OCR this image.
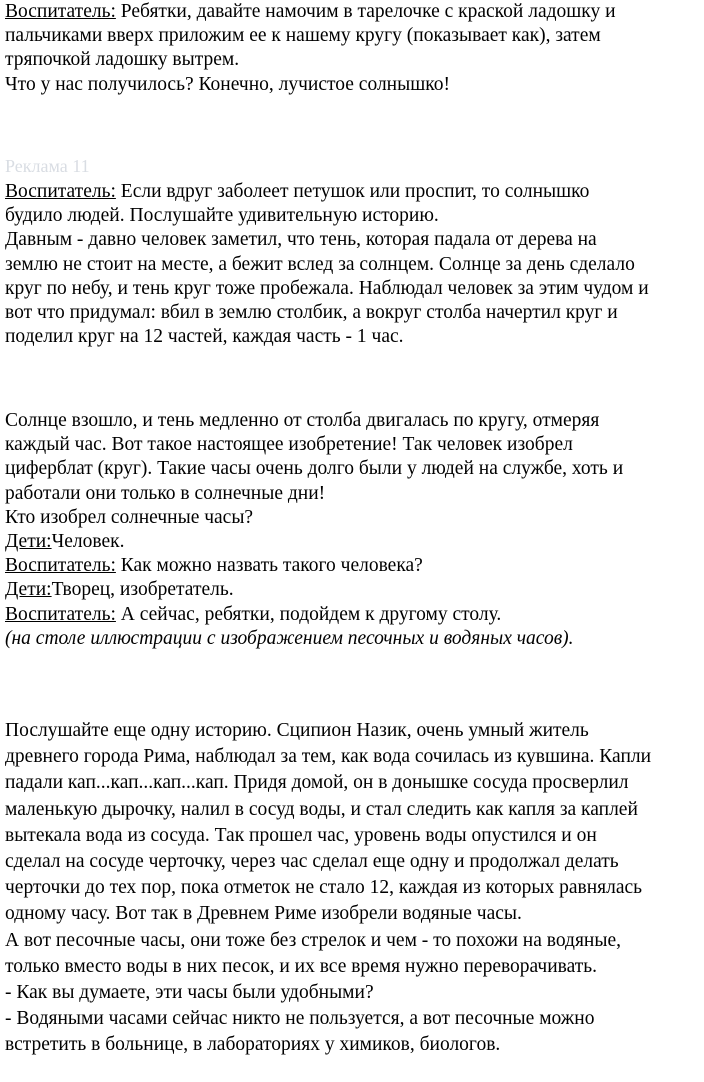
Воспитатель: Ребятки, давайте намочим в тарелочке с краской ладошку и

пальчиками вверх приложим ее к нашему кругу (показывает как), затем

тряпочкой ладошку вытрем.

Что у нас получилось? Конечно, лучистое солнышко!

Реклама 11

Воспитатель: Если вдруг заболеет петушок или проспит, то солнышко

будило людей. Послушайте удивительную историю.

Давным - давно человек заметил, что тень, которая падала от дерева на

землю не стоит на месте, а бежит вслед за солнцем. Солнце за день сделало

круг по небу, и тень круг тоже пробежала. Наблюдал человек за этим чудом и

вот что придумал: вбил в землю столбик, а вокруг столба начертил круг и

поделил круг на 12 частей, каждая часть - 1 час.

Солнце взошло, и тень медленно от столба двигалась по кругу, отмеряя

каждый час. Вот такое настоящее изобретение! Так человек изобрел

циферблат (круг). Такие часы очень долго были у людей на службе, хоть и

работали они только в солнечные дни!

Кто изобрел солнечные часы?

Дети:Человек.

Воспитатель: Как можно назвать такого человека?

Дети:Творец, изобретатель.

Воспитатель: А сейчас, ребятки, подойдем к другому столу.

(на столе иллюстрации с изображением песочных и водяных часов).

Послушайте еще одну историю. Сципион Назик, очень умный житель

древнего города Рима, наблюдал за тем, как вода сочилась из кувшина. Капли

падали кап...кап...кап...кап. Придя домой, он в донышке сосуда просверлил

маленькую дырочку, налил в сосуд воды, и стал следить как капля за каплей

вытекала вода из сосуда. Так прошел час, уровень воды опустился и он

сделал на сосуде черточку, через час сделал еще одну и продолжал делать

черточки до тех пор, пока отметок не стало 12, каждая из которых равнялась

одному часу. Вот так в Древнем Риме изобрели водяные часы.

А вот песочные часы, они тоже без стрелок и чем - то похожи на водяные,

только вместо воды в них песок, и их все время нужно переворачивать.

- Как вы думаете, эти часы были удобными?

- Водяными часами сейчас никто не пользуется, а вот песочные можно

встретить в больнице, в лабораториях у химиков, биологов.
